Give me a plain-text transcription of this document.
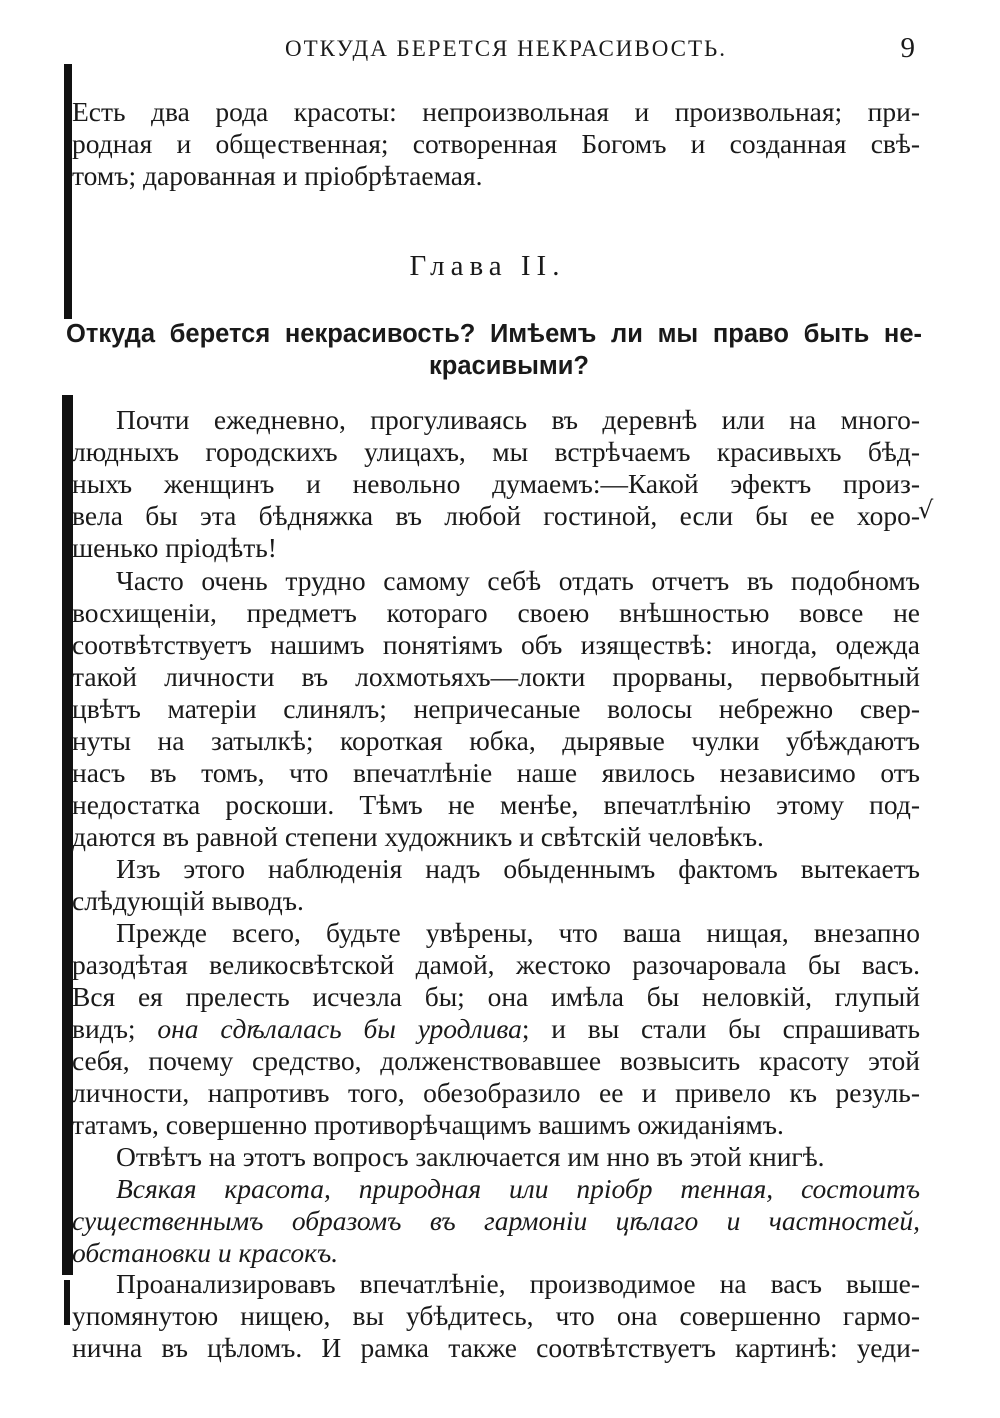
ОТКУДА БЕРЕТСЯ НЕКРАСИВОСТЬ.	9
Есть два рода красоты: непроизвольная и произвольная; при-
родная и общественная; сотворенная Богомъ и созданная свѣ-
томъ; дарованная и пріобрѣтаемая.
Глава II.
Откуда берется некрасивость? Имѣемъ ли мы право быть не-
красивыми?
Почти ежедневно, прогуливаясь въ деревнѣ или на много-
людныхъ городскихъ улицахъ, мы встрѣчаемъ красивыхъ бѣд-
ныхъ женщинъ и невольно думаемъ:—Какой эфектъ произ-
вела бы эта бѣдняжка въ любой гостиной, если бы ее хоро-
шенько пріодѣть!
√
Часто очень трудно самому себѣ отдать отчетъ въ подобномъ
восхищеніи, предметъ котораго своею внѣшностью вовсе не
соотвѣтствуетъ нашимъ понятіямъ объ изяществѣ: иногда, одежда
такой личности въ лохмотьяхъ—локти прорваны, первобытный
цвѣтъ матеріи слинялъ; непричесаные волосы небрежно свер-
нуты на затылкѣ; короткая юбка, дырявые чулки убѣждаютъ
насъ въ томъ, что впечатлѣніе наше явилось независимо отъ
недостатка роскоши. Тѣмъ не менѣе, впечатлѣнію этому под-
даются въ равной степени художникъ и свѣтскій человѣкъ.
Изъ этого наблюденія надъ обыденнымъ фактомъ вытекаетъ
слѣдующій выводъ.
Прежде всего, будьте увѣрены, что ваша нищая, внезапно
разодѣтая великосвѣтской дамой, жестоко разочаровала бы васъ.
Вся ея прелесть исчезла бы; она имѣла бы неловкій, глупый
видъ; она сдѣлалась бы уродлива; и вы стали бы спрашивать
себя, почему средство, долженствовавшее возвысить красоту этой
личности, напротивъ того, обезобразило ее и привело къ резуль-
татамъ, совершенно противорѣчащимъ вашимъ ожиданіямъ.
Отвѣтъ на этотъ вопросъ заключается им нно въ этой книгѣ.
Всякая красота, природная или пріобр тенная, состоитъ
существеннымъ образомъ въ гармоніи цѣлаго и частностей,
обстановки и красокъ.
Проанализировавъ впечатлѣніе, производимое на васъ выше-
упомянутою нищею, вы убѣдитесь, что она совершенно гармо-
нична въ цѣломъ. И рамка также соотвѣтствуетъ картинѣ: уеди-
